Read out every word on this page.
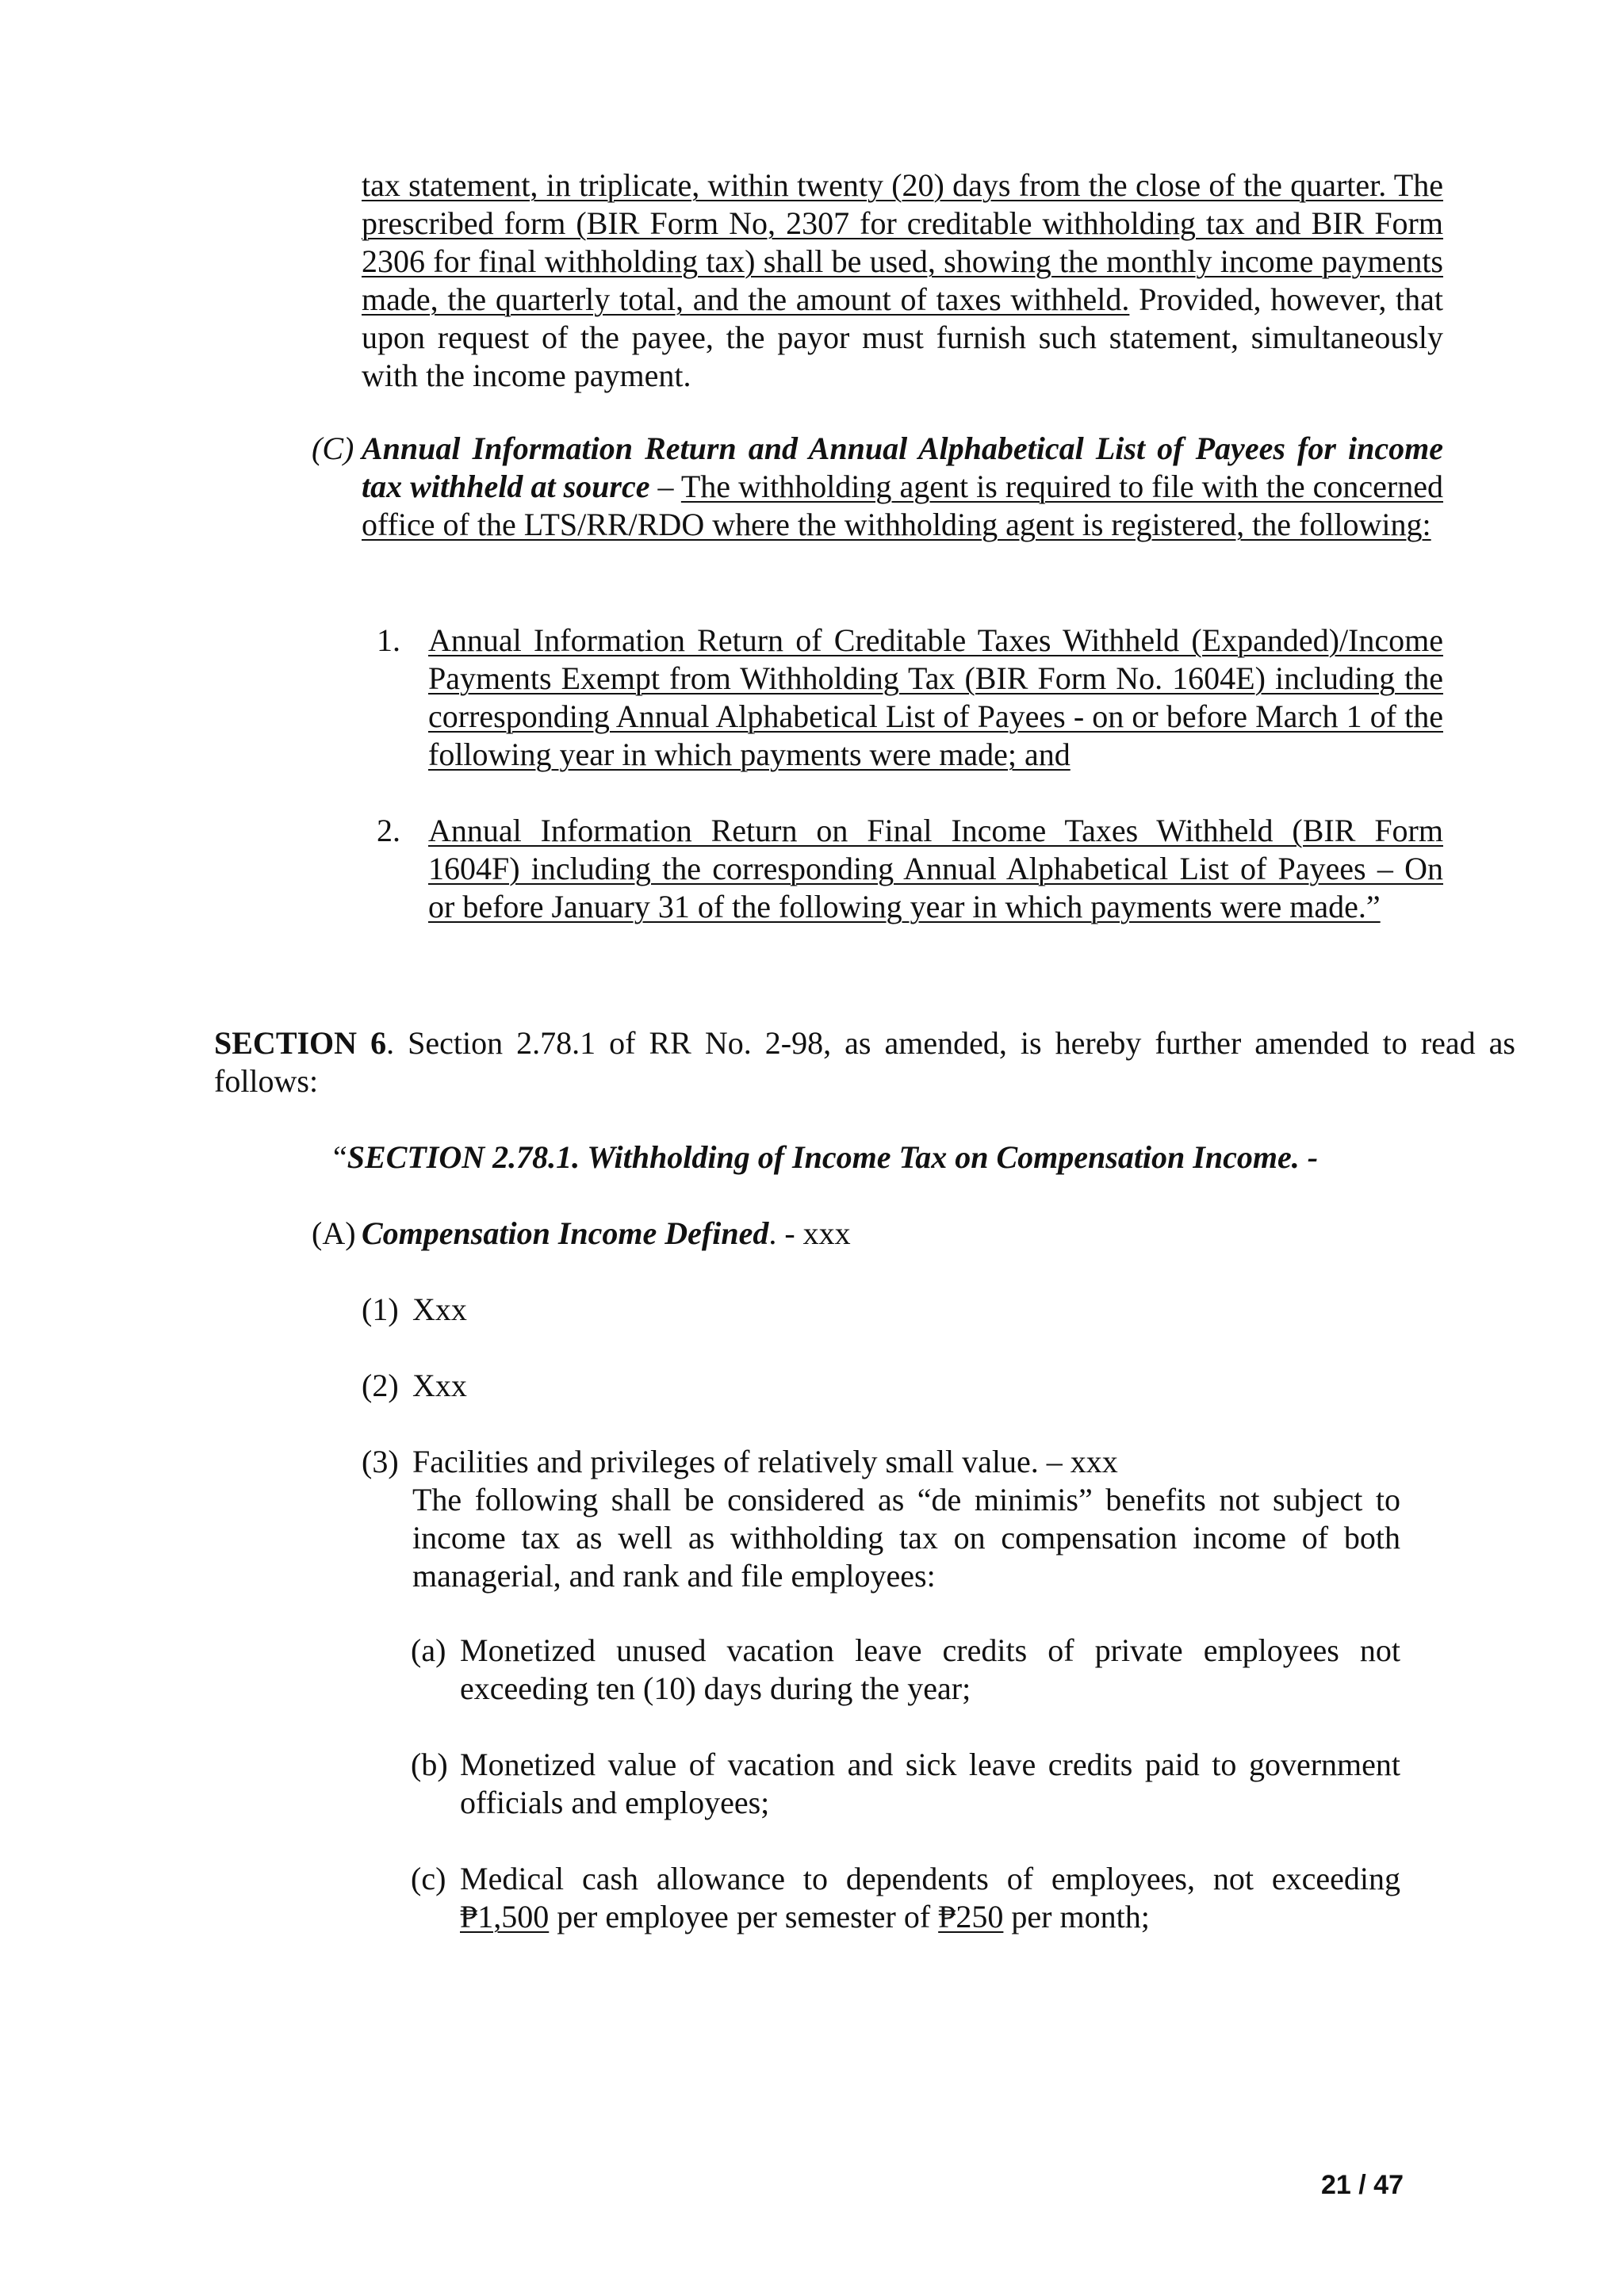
tax statement, in triplicate, within twenty (20) days from the close of the quarter. The prescribed form (BIR Form No, 2307 for creditable withholding tax and BIR Form 2306 for final withholding tax) shall be used, showing the monthly income payments made, the quarterly total, and the amount of taxes withheld. Provided, however, that upon request of the payee, the payor must furnish such statement, simultaneously with the income payment.
(C) Annual Information Return and Annual Alphabetical List of Payees for income tax withheld at source – The withholding agent is required to file with the concerned office of the LTS/RR/RDO where the withholding agent is registered, the following:
1. Annual Information Return of Creditable Taxes Withheld (Expanded)/Income Payments Exempt from Withholding Tax (BIR Form No. 1604E) including the corresponding Annual Alphabetical List of Payees - on or before March 1 of the following year in which payments were made; and
2. Annual Information Return on Final Income Taxes Withheld (BIR Form 1604F) including the corresponding Annual Alphabetical List of Payees – On or before January 31 of the following year in which payments were made.”
SECTION 6. Section 2.78.1 of RR No. 2-98, as amended, is hereby further amended to read as follows:
“SECTION 2.78.1. Withholding of Income Tax on Compensation Income. -
(A) Compensation Income Defined. - xxx
(1) Xxx
(2) Xxx
(3) Facilities and privileges of relatively small value. – xxx
The following shall be considered as “de minimis” benefits not subject to income tax as well as withholding tax on compensation income of both managerial, and rank and file employees:
(a) Monetized unused vacation leave credits of private employees not exceeding ten (10) days during the year;
(b) Monetized value of vacation and sick leave credits paid to government officials and employees;
(c) Medical cash allowance to dependents of employees, not exceeding ₱1,500 per employee per semester of ₱250 per month;
21 / 47
